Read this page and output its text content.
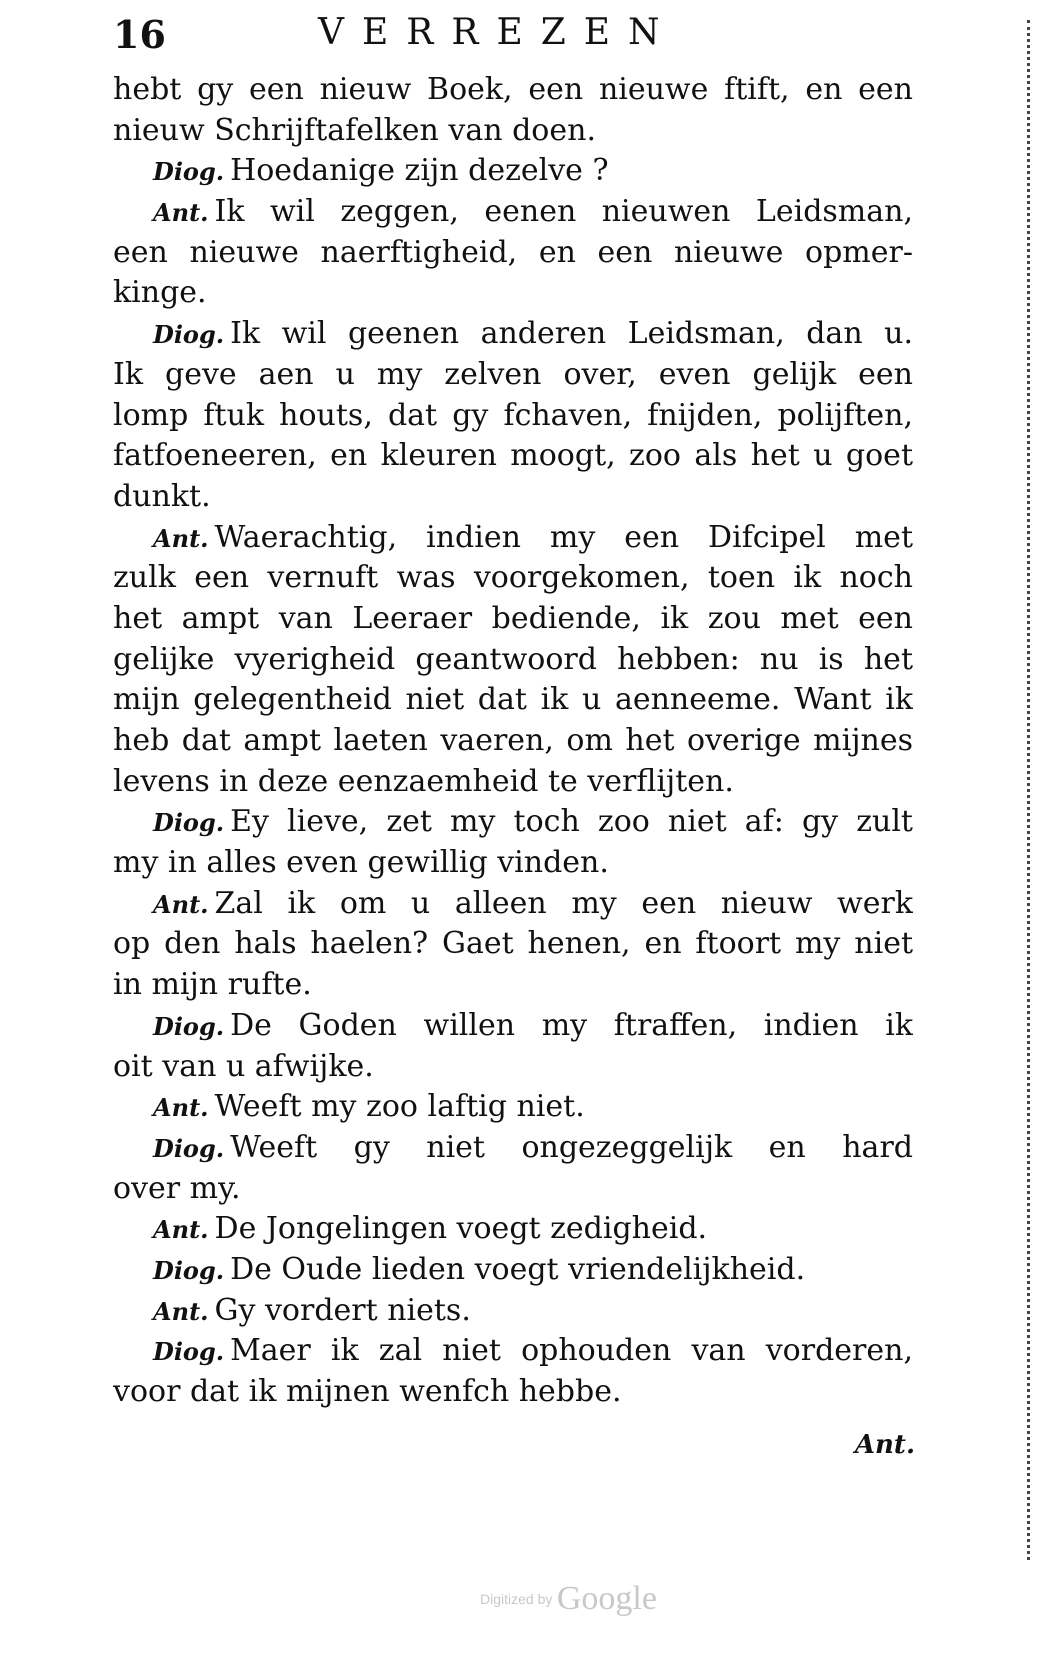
16	VERREZEN
hebt gy een nieuw Boek, een nieuwe ftift, en een
nieuw Schrijftafelken van doen.
Diog. Hoedanige zijn dezelve ?
Ant. Ik wil zeggen, eenen nieuwen Leidsman,
een nieuwe naerftigheid, en een nieuwe opmer-
kinge.
Diog. Ik wil geenen anderen Leidsman, dan u.
Ik geve aen u my zelven over, even gelijk een
lomp ftuk houts, dat gy fchaven, fnijden, polijften,
fatfoeneeren, en kleuren moogt, zoo als het u goet
dunkt.
Ant. Waerachtig, indien my een Difcipel met
zulk een vernuft was voorgekomen, toen ik noch
het ampt van Leeraer bediende, ik zou met een
gelijke vyerigheid geantwoord hebben: nu is het
mijn gelegentheid niet dat ik u aenneeme. Want ik
heb dat ampt laeten vaeren, om het overige mijnes
levens in deze eenzaemheid te verflijten.
Diog. Ey lieve, zet my toch zoo niet af: gy zult
my in alles even gewillig vinden.
Ant. Zal ik om u alleen my een nieuw werk
op den hals haelen? Gaet henen, en ftoort my niet
in mijn rufte.
Diog. De Goden willen my ftraffen, indien ik
oit van u afwijke.
Ant. Weeft my zoo laftig niet.
Diog. Weeft gy niet ongezeggelijk en hard
over my.
Ant. De Jongelingen voegt zedigheid.
Diog. De Oude lieden voegt vriendelijkheid.
Ant. Gy vordert niets.
Diog. Maer ik zal niet ophouden van vorderen,
voor dat ik mijnen wenfch hebbe.
Ant.
Digitized by Google
